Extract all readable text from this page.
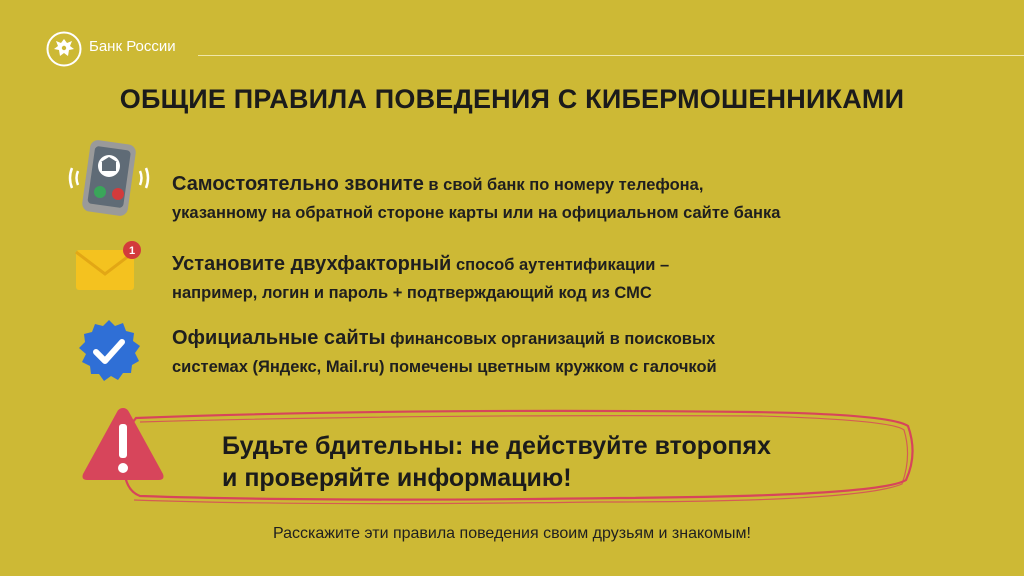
Банк России
ОБЩИЕ ПРАВИЛА ПОВЕДЕНИЯ С КИБЕРМОШЕННИКАМИ
Самостоятельно звоните в свой банк по номеру телефона,
указанному на обратной стороне карты или на официальном сайте банка
1
Установите двухфакторный способ аутентификации –
например, логин и пароль + подтверждающий код из СМС
Официальные сайты финансовых организаций в поисковых
системах (Яндекс, Mail.ru) помечены цветным кружком с галочкой
Будьте бдительны: не действуйте второпях
и проверяйте информацию!
Расскажите эти правила поведения своим друзьям и знакомым!
